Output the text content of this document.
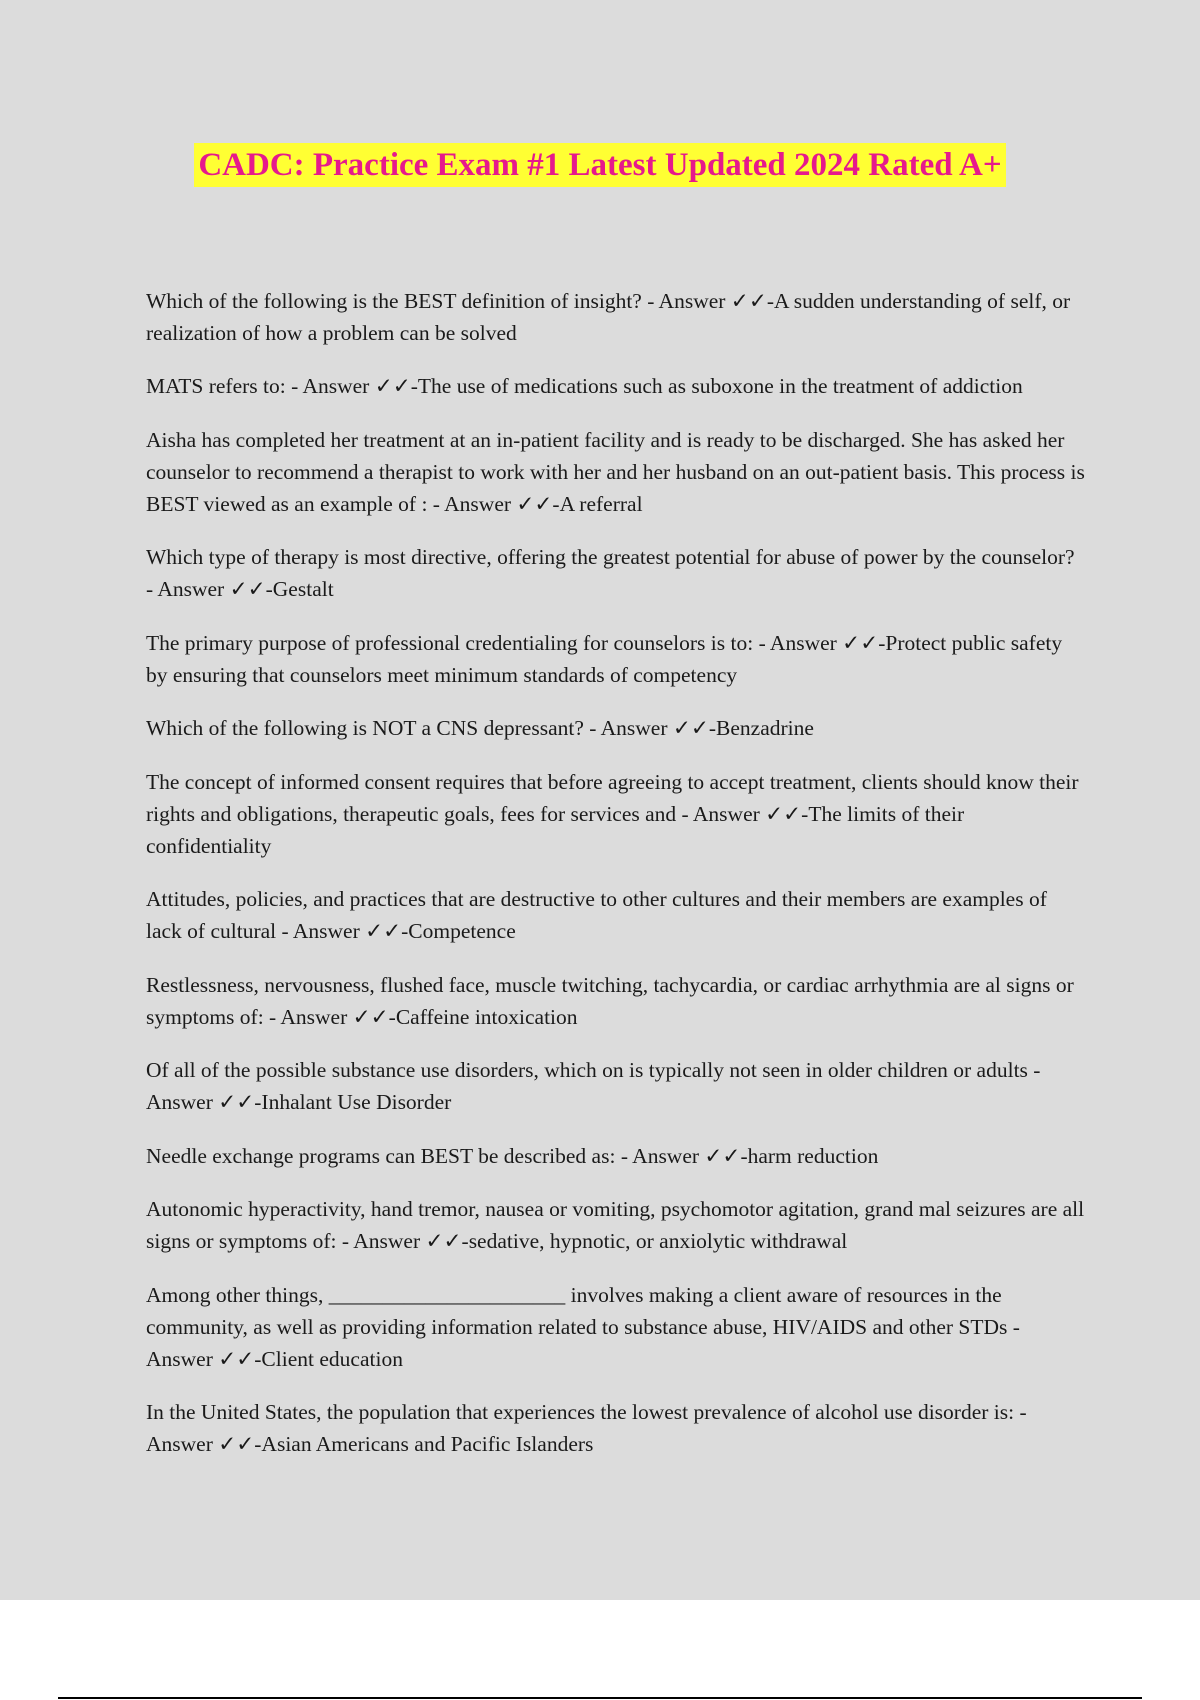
CADC: Practice Exam #1 Latest Updated 2024 Rated A+

Which of the following is the BEST definition of insight? - Answer ✓✓-A sudden understanding of self, or realization of how a problem can be solved

MATS refers to: - Answer ✓✓-The use of medications such as suboxone in the treatment of addiction

Aisha has completed her treatment at an in-patient facility and is ready to be discharged. She has asked her counselor to recommend a therapist to work with her and her husband on an out-patient basis. This process is BEST viewed as an example of : - Answer ✓✓-A referral

Which type of therapy is most directive, offering the greatest potential for abuse of power by the counselor? - Answer ✓✓-Gestalt

The primary purpose of professional credentialing for counselors is to: - Answer ✓✓-Protect public safety by ensuring that counselors meet minimum standards of competency

Which of the following is NOT a CNS depressant? - Answer ✓✓-Benzadrine

The concept of informed consent requires that before agreeing to accept treatment, clients should know their rights and obligations, therapeutic goals, fees for services and - Answer ✓✓-The limits of their confidentiality

Attitudes, policies, and practices that are destructive to other cultures and their members are examples of lack of cultural - Answer ✓✓-Competence

Restlessness, nervousness, flushed face, muscle twitching, tachycardia, or cardiac arrhythmia are al signs or symptoms of: - Answer ✓✓-Caffeine intoxication

Of all of the possible substance use disorders, which on is typically not seen in older children or adults - Answer ✓✓-Inhalant Use Disorder

Needle exchange programs can BEST be described as: - Answer ✓✓-harm reduction

Autonomic hyperactivity, hand tremor, nausea or vomiting, psychomotor agitation, grand mal seizures are all signs or symptoms of: - Answer ✓✓-sedative, hypnotic, or anxiolytic withdrawal

Among other things, ______________________ involves making a client aware of resources in the community, as well as providing information related to substance abuse, HIV/AIDS and other STDs - Answer ✓✓-Client education

In the United States, the population that experiences the lowest prevalence of alcohol use disorder is: - Answer ✓✓-Asian Americans and Pacific Islanders
